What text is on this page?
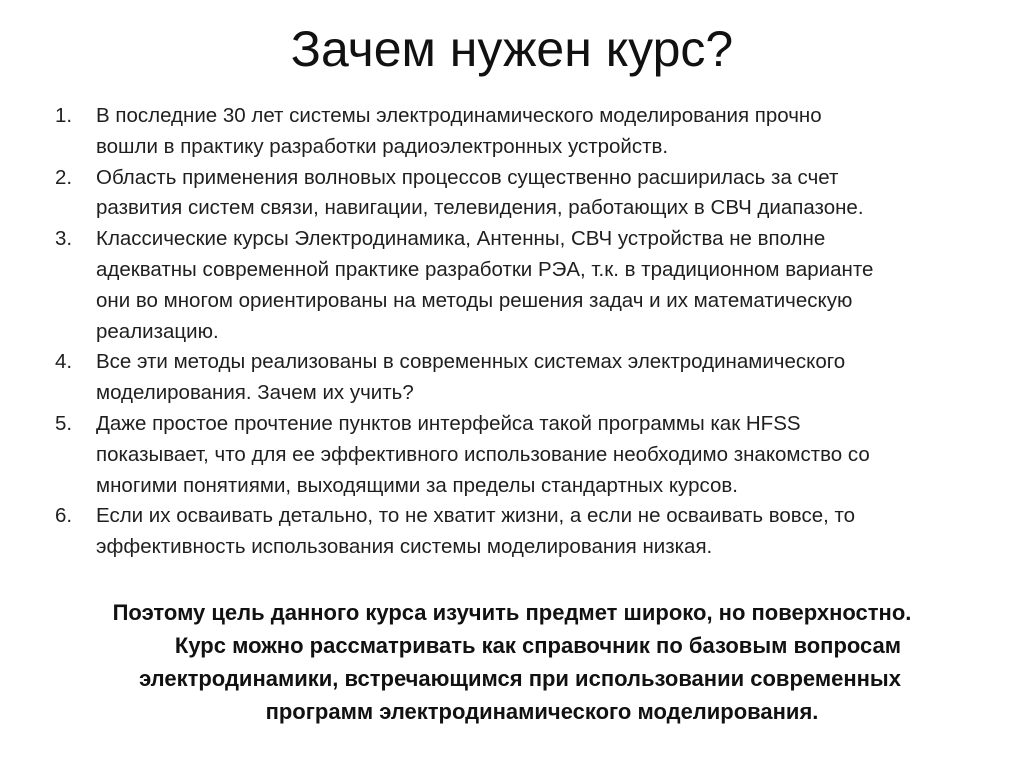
Зачем нужен курс?
1.	В последние 30 лет системы электродинамического моделирования прочно
вошли в практику разработки радиоэлектронных устройств.
2.	Область применения волновых процессов существенно расширилась за счет
развития систем связи, навигации, телевидения, работающих в СВЧ диапазоне.
3.	Классические курсы Электродинамика, Антенны, СВЧ устройства не вполне
адекватны современной практике разработки РЭА, т.к. в традиционном варианте
они во многом ориентированы на методы решения задач и их математическую
реализацию.
4.	Все эти методы реализованы в современных системах электродинамического
моделирования. Зачем их учить?
5.	Даже простое прочтение пунктов интерфейса такой программы как HFSS
показывает, что для ее эффективного использование необходимо знакомство со
многими понятиями, выходящими за пределы стандартных курсов.
6.	Если их осваивать детально, то не хватит жизни, а если не осваивать вовсе, то
эффективность использования системы моделирования низкая.

Поэтому цель данного курса изучить предмет широко, но поверхностно.
Курс можно рассматривать как справочник по базовым вопросам
электродинамики, встречающимся при использовании современных
программ электродинамического моделирования.
